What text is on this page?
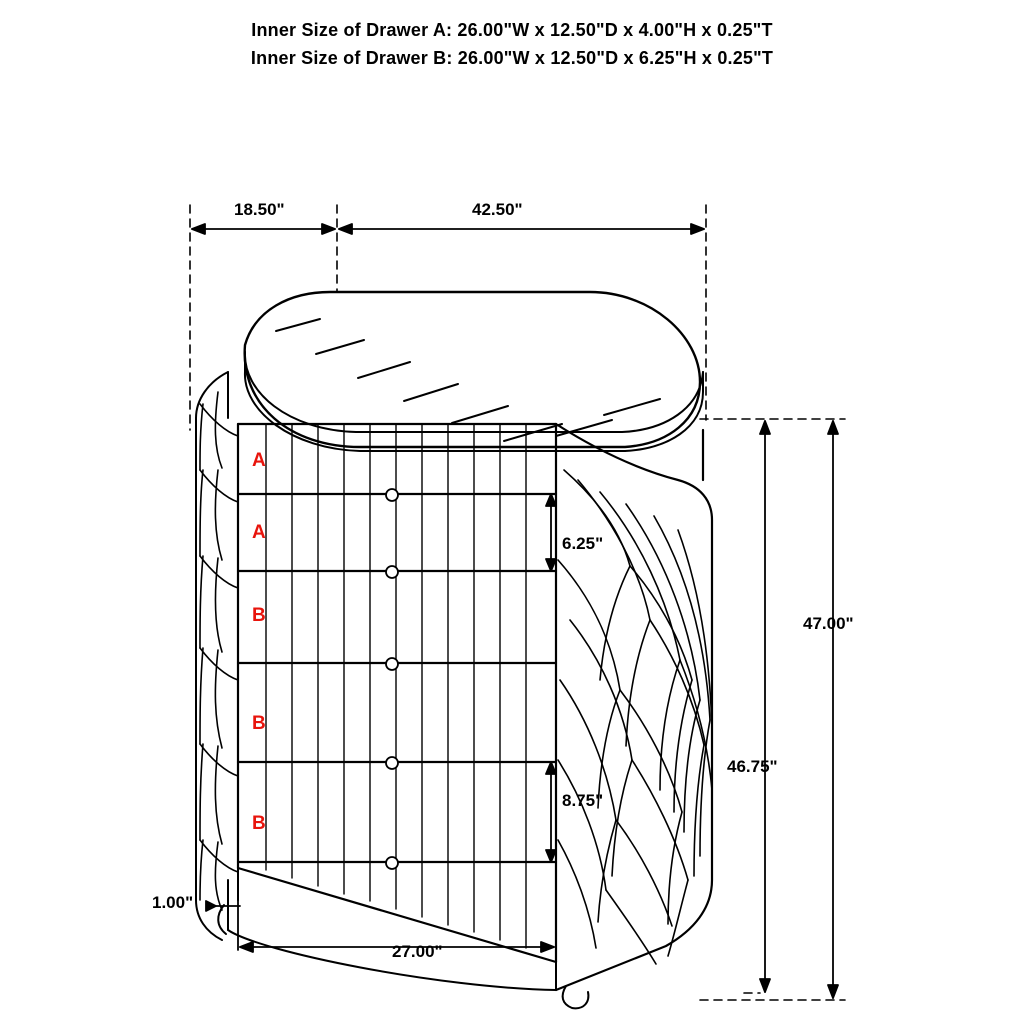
Inner Size of Drawer A: 26.00"W x 12.50"D x 4.00"H x 0.25"T
Inner Size of Drawer B: 26.00"W x 12.50"D x 6.25"H x 0.25"T
18.50"	42.50"
6.25"
8.75"
47.00"
46.75"
1.00"
27.00"
A
A
B
B
B
